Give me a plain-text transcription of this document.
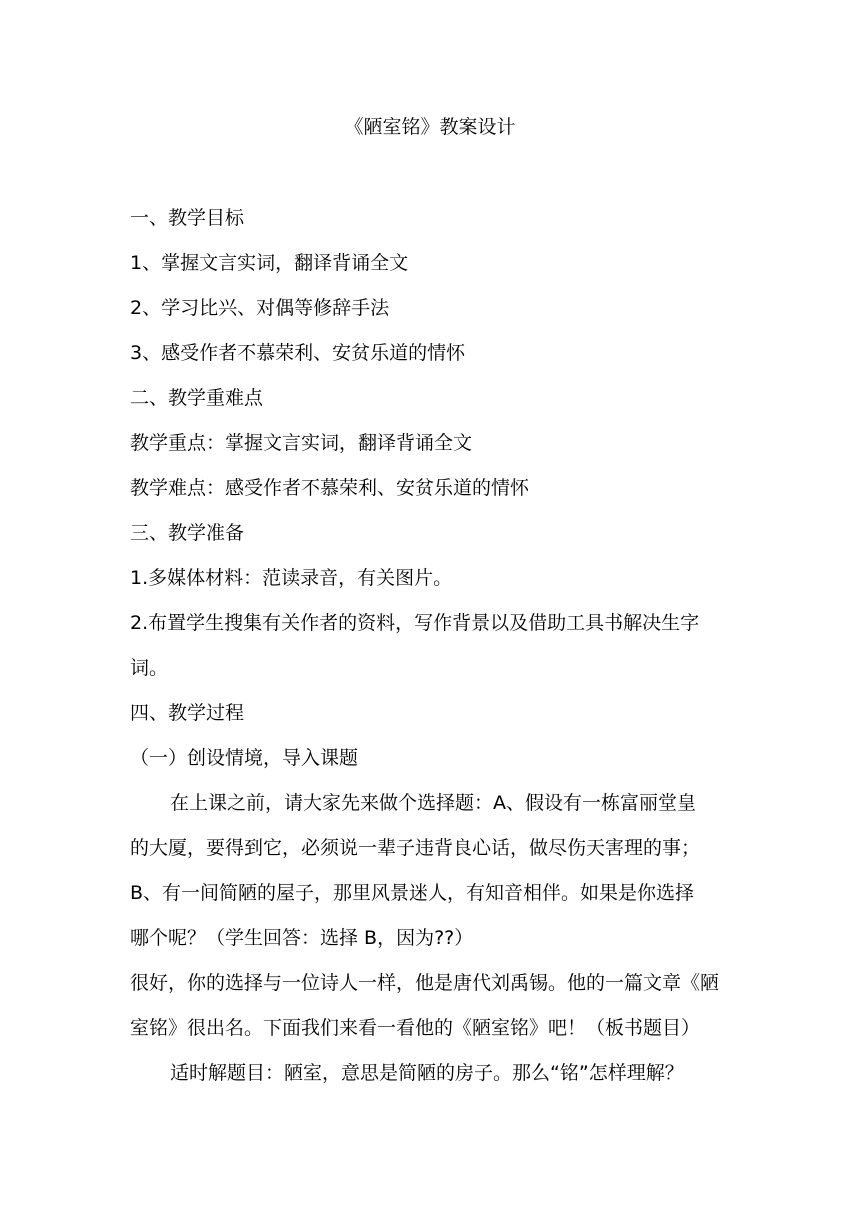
《陋室铭》教案设计
一、教学目标
1、掌握文言实词，翻译背诵全文
2、学习比兴、对偶等修辞手法
3、感受作者不慕荣利、安贫乐道的情怀
二、教学重难点
教学重点：掌握文言实词，翻译背诵全文
教学难点：感受作者不慕荣利、安贫乐道的情怀
三、教学准备
1.多媒体材料：范读录音，有关图片。
2.布置学生搜集有关作者的资料，写作背景以及借助工具书解决生字
词。
四、教学过程
（一）创设情境，导入课题
在上课之前，请大家先来做个选择题：A、假设有一栋富丽堂皇
的大厦，要得到它，必须说一辈子违背良心话，做尽伤天害理的事；
B、有一间简陋的屋子，那里风景迷人，有知音相伴。如果是你选择
哪个呢？（学生回答：选择 B，因为??）
很好，你的选择与一位诗人一样，他是唐代刘禹锡。他的一篇文章《陋
室铭》很出名。下面我们来看一看他的《陋室铭》吧！（板书题目）
适时解题目：陋室，意思是简陋的房子。那么“铭”怎样理解？
